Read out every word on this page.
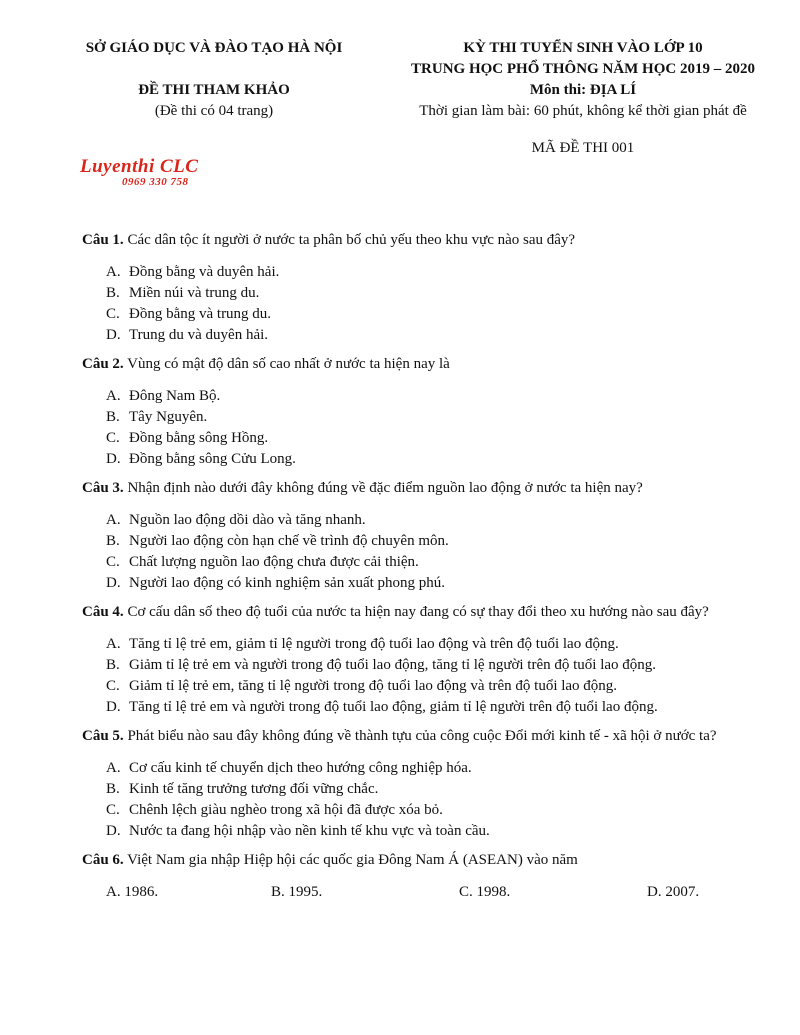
SỞ GIÁO DỤC VÀ ĐÀO TẠO HÀ NỘI
ĐỀ THI THAM KHẢO
(Đề thi có 04 trang)
KỲ THI TUYỂN SINH VÀO LỚP 10
TRUNG HỌC PHỔ THÔNG NĂM HỌC 2019 – 2020
Môn thi: ĐỊA LÍ
Thời gian làm bài: 60 phút, không kể thời gian phát đề
MÃ ĐỀ THI 001
Luyenthi CLC
0969 330 758
Câu 1. Các dân tộc ít người ở nước ta phân bố chủ yếu theo khu vực nào sau đây?
A. Đồng bằng và duyên hải.
B. Miền núi và trung du.
C. Đồng bằng và trung du.
D. Trung du và duyên hải.
Câu 2. Vùng có mật độ dân số cao nhất ở nước ta hiện nay là
A. Đông Nam Bộ.
B. Tây Nguyên.
C. Đồng bằng sông Hồng.
D. Đồng bằng sông Cửu Long.
Câu 3. Nhận định nào dưới đây không đúng về đặc điểm nguồn lao động ở nước ta hiện nay?
A. Nguồn lao động dồi dào và tăng nhanh.
B. Người lao động còn hạn chế về trình độ chuyên môn.
C. Chất lượng nguồn lao động chưa được cải thiện.
D. Người lao động có kinh nghiệm sản xuất phong phú.
Câu 4. Cơ cấu dân số theo độ tuổi của nước ta hiện nay đang có sự thay đổi theo xu hướng nào sau đây?
A. Tăng tỉ lệ trẻ em, giảm tỉ lệ người trong độ tuổi lao động và trên độ tuổi lao động.
B. Giảm tỉ lệ trẻ em và người trong độ tuổi lao động, tăng tỉ lệ người trên độ tuổi lao động.
C. Giảm tỉ lệ trẻ em, tăng tỉ lệ người trong độ tuổi lao động và trên độ tuổi lao động.
D. Tăng tỉ lệ trẻ em và người trong độ tuổi lao động, giảm tỉ lệ người trên độ tuổi lao động.
Câu 5. Phát biểu nào sau đây không đúng về thành tựu của công cuộc Đổi mới kinh tế - xã hội ở nước ta?
A. Cơ cấu kinh tế chuyển dịch theo hướng công nghiệp hóa.
B. Kinh tế tăng trưởng tương đối vững chắc.
C. Chênh lệch giàu nghèo trong xã hội đã được xóa bỏ.
D. Nước ta đang hội nhập vào nền kinh tế khu vực và toàn cầu.
Câu 6. Việt Nam gia nhập Hiệp hội các quốc gia Đông Nam Á (ASEAN) vào năm
A. 1986.	B. 1995.	C. 1998.	D. 2007.
